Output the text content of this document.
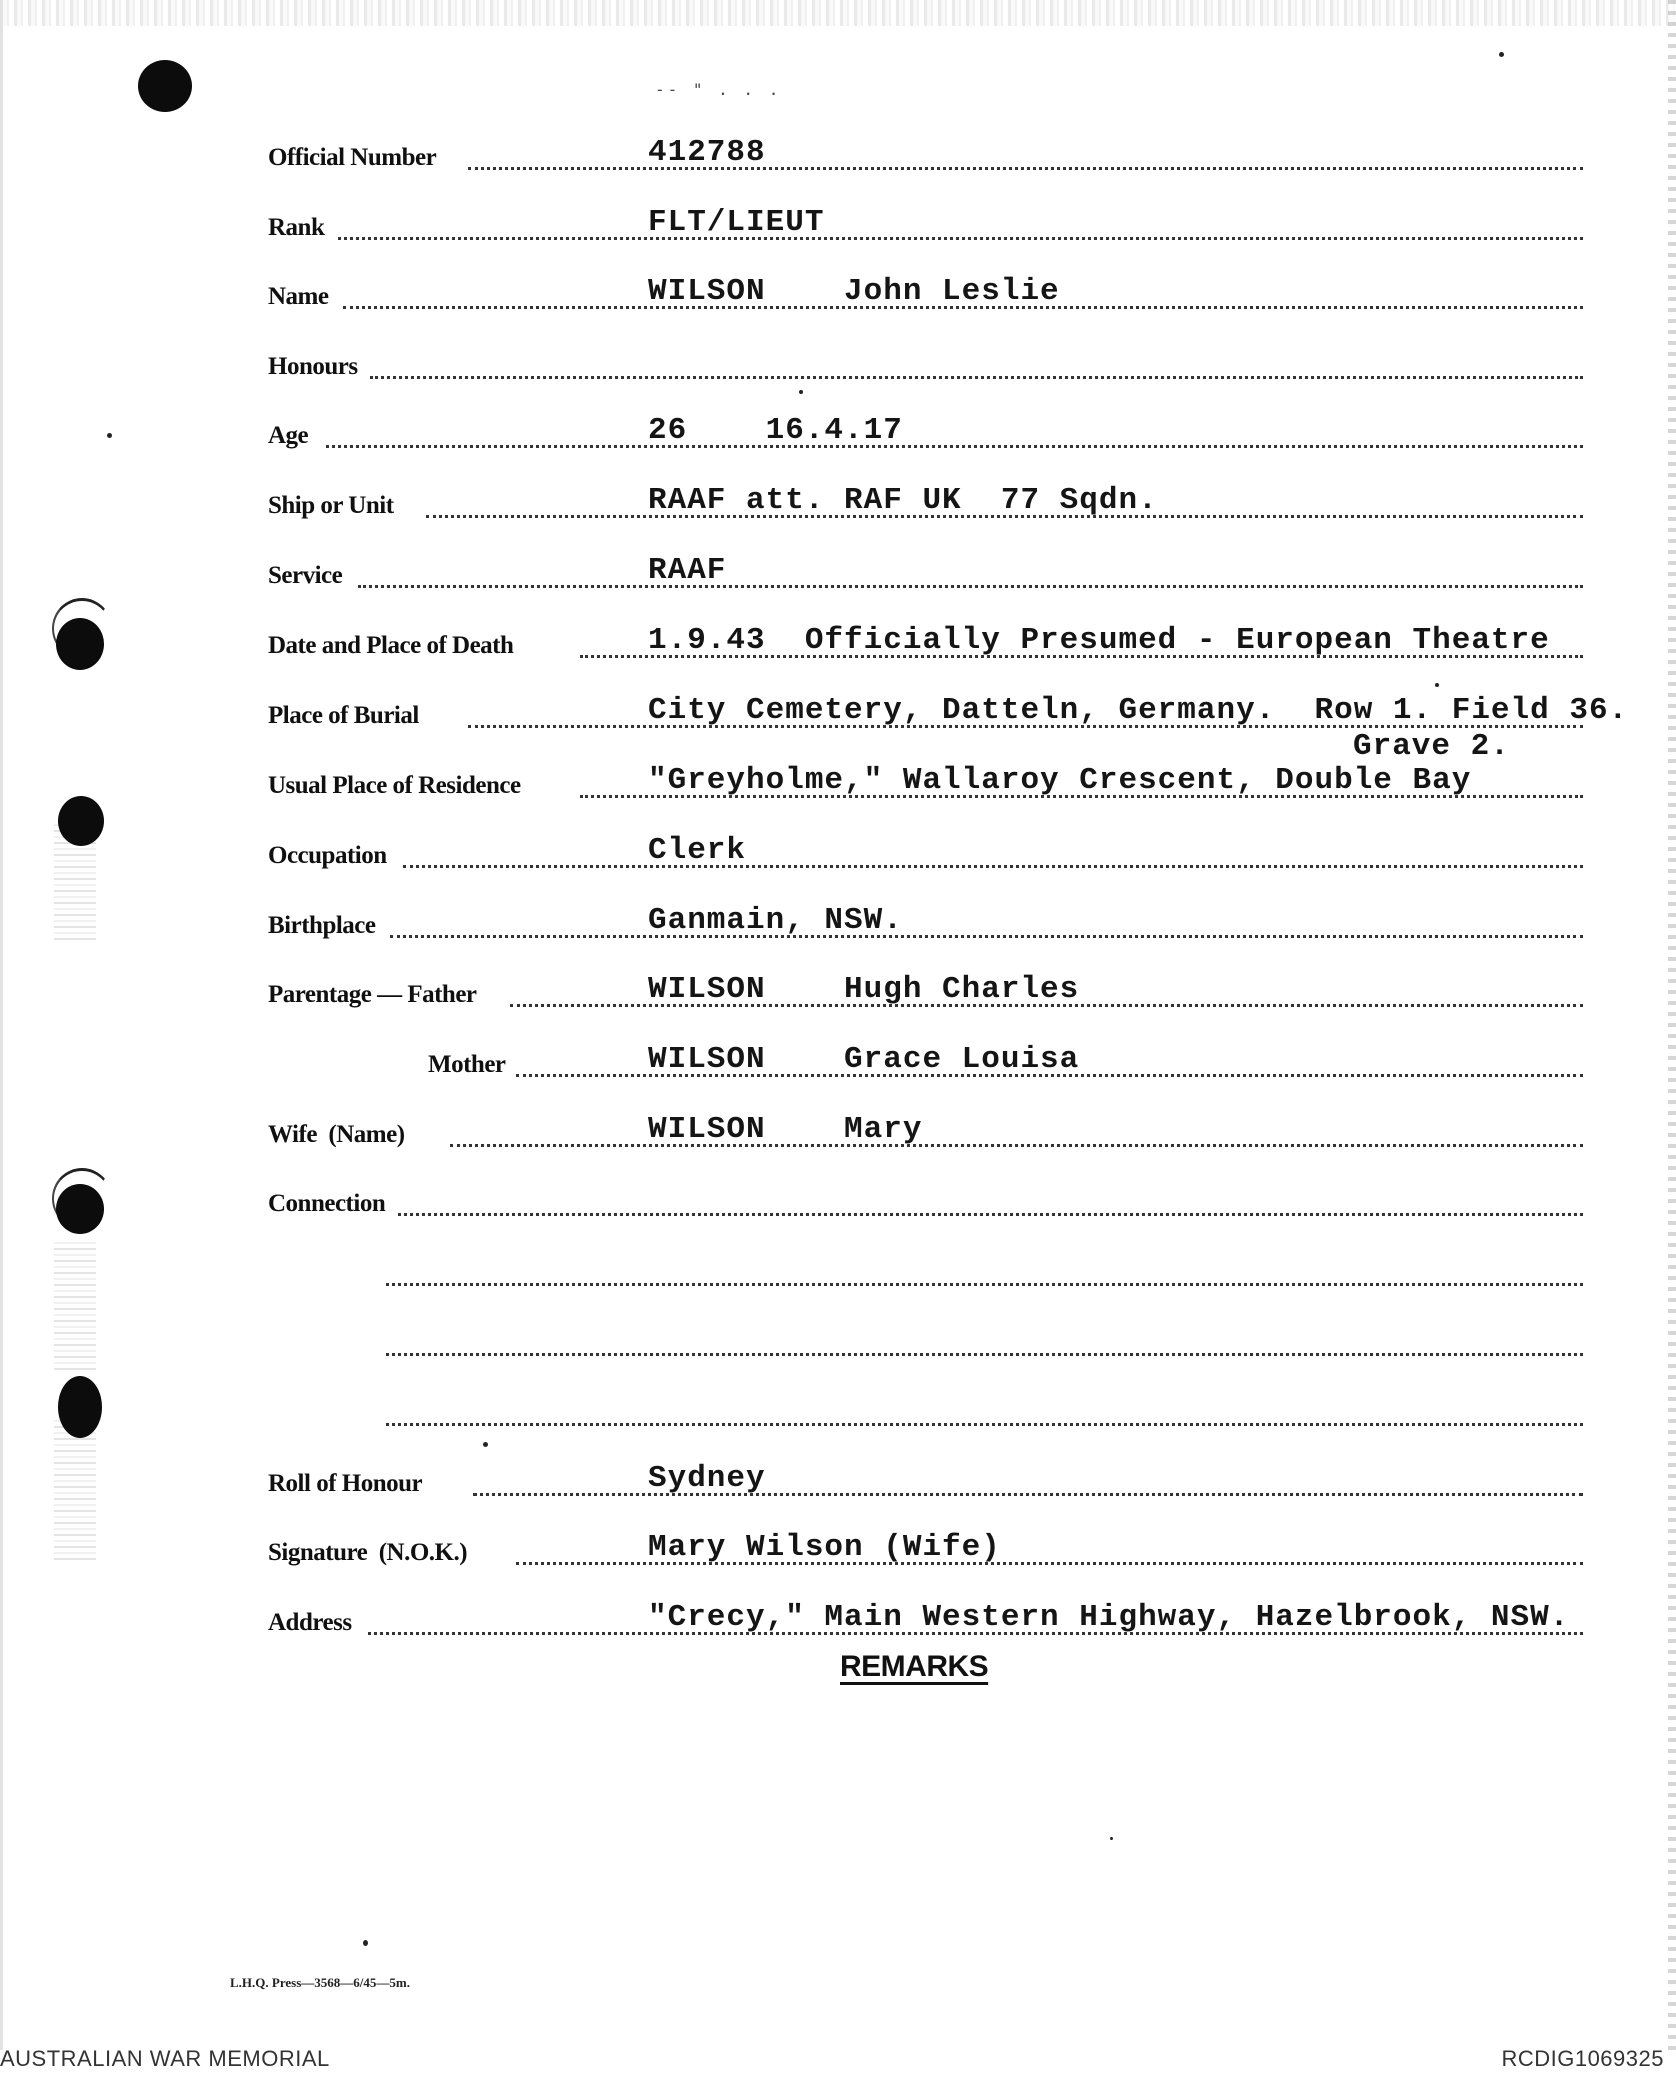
-- " . . .
Official Number	412788
Rank	FLT/LIEUT
Name	WILSON    John Leslie
Honours
Age	26    16.4.17
Ship or Unit	RAAF att. RAF UK  77 Sqdn.
Service	RAAF
Date and Place of Death	1.9.43  Officially Presumed - European Theatre
Place of Burial	City Cemetery, Datteln, Germany.  Row 1. Field 36.
Grave 2.
Usual Place of Residence	"Greyholme," Wallaroy Crescent, Double Bay
Occupation	Clerk
Birthplace	Ganmain, NSW.
Parentage — Father	WILSON    Hugh Charles
Mother	WILSON    Grace Louisa
Wife  (Name)	WILSON    Mary
Connection
Roll of Honour	Sydney
Signature  (N.O.K.)	Mary Wilson (Wife)
Address	"Crecy," Main Western Highway, Hazelbrook, NSW.
REMARKS
L.H.Q. Press—3568—6/45—5m.
AUSTRALIAN WAR MEMORIAL	RCDIG1069325
